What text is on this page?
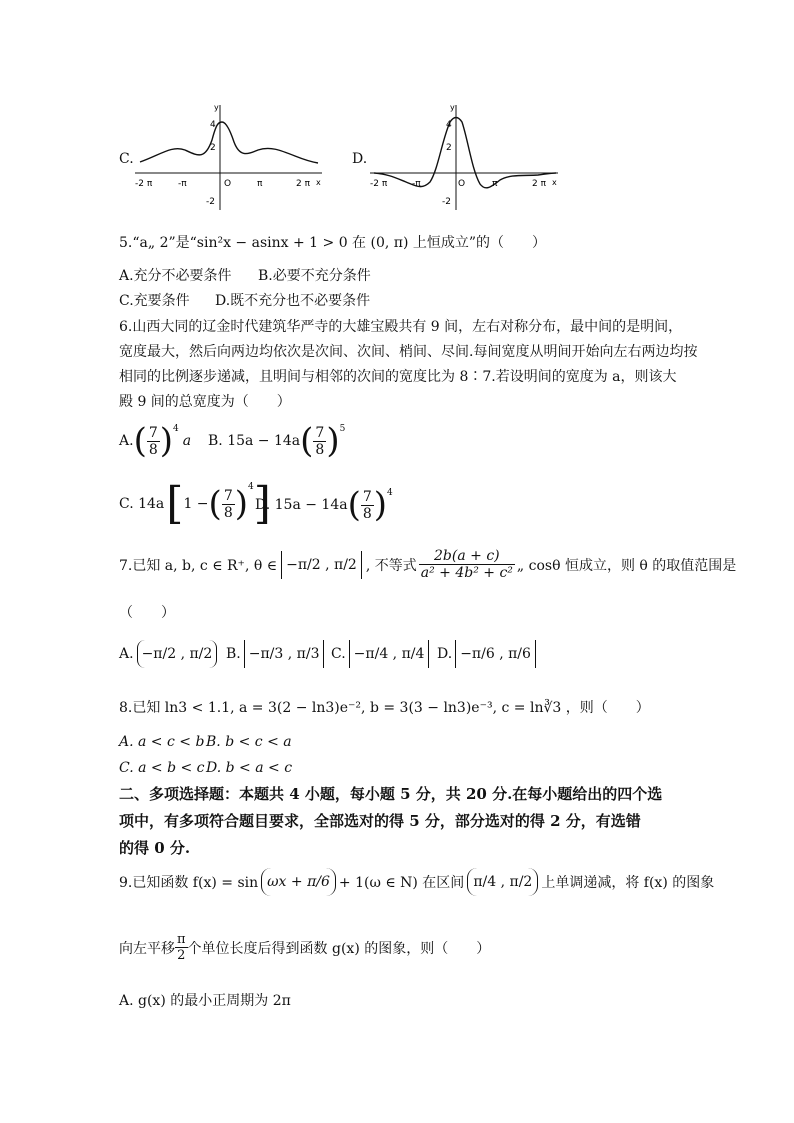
C.
-2 π	-π	O	π	2 π x
y
4
2
-2
D.
-2 π	-π	O	π	2 π x
y
4
2
-2
5.“a„ 2”是“sin²x − asinx + 1 > 0 在 (0, π) 上恒成立”的（　　）
A.充分不必要条件 B.必要不充分条件
C.充要条件 D.既不充分也不必要条件
6.山西大同的辽金时代建筑华严寺的大雄宝殿共有 9 间，左右对称分布，最中间的是明间，
宽度最大，然后向两边均依次是次间、次间、梢间、尽间.每间宽度从明间开始向左右两边均按
相同的比例逐步递减，且明间与相邻的次间的宽度比为 8∶7.若设明间的宽度为 a，则该大
殿 9 间的总宽度为（　　）
A. ( $\frac{7}{8} )^4$
a B. 15a − 14a ( $\frac{7}{8} )^5$
C. 14a [ 1 − ( $\frac{7}{8} )^4$ ]
D. 15a − 14a ( $\frac{7}{8} )^4$
7.已知 a, b, c ∈ R⁺, θ ∈ −π/2 , π/2 , 不等式 $\frac{2b(a + c)}{\text{a² + 4b² + c²}}$ „ cosθ 恒成立，则 θ 的取值范围是
（　　）
A. −π/2 , π/2 B. −π/3 , π/3 C. −π/4 , π/4 D. −π/6 , π/6
8.已知 ln3 < 1.1, a = 3(2 − ln3)e⁻², b = 3(3 − ln3)e⁻³, c = ln∛3 ，则（　　）
A. a < c < b B. b < c < a
C. a < b < c D. b < a < c
二、多项选择题：本题共 4 小题，每小题 5 分，共 20 分.在每小题给出的四个选
项中，有多项符合题目要求，全部选对的得 5 分，部分选对的得 2 分，有选错
的得 0 分.
9.已知函数 f(x) = sin ωx + π/6 + 1(ω ∈ N) 在区间 π/4 , π/2 上单调递减，将 f(x) 的图象
向左平移 $\frac{\pi}{2}$ 个单位长度后得到函数 g(x) 的图象，则（　　）
A. g(x) 的最小正周期为 2π
